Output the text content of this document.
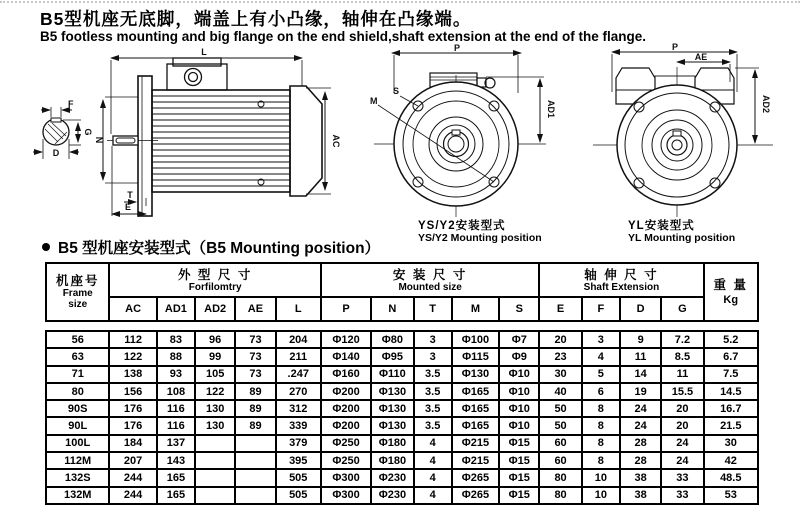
B5型机座无底脚，端盖上有小凸缘，轴伸在凸缘端。
B5 footless mounting and big flange on the end shield,shaft extension at the end of the flange.
L
AC
N
T
E
F
G
D
P
M
S
AD1
P
AE
AD2
YS/Y2安装型式
YS/Y2 Mounting position
YL安装型式
YL Mounting position
B5 型机座安装型式（B5 Mounting position）
机座号
Frame
size

外 型 尺 寸
Forfilomtry

安 装 尺 寸
Mounted size

轴 伸 尺 寸
Shaft Extension	重 量
Kg

	AC	AD1	AD2	AE	L	P	N	T	M	S	E	F	D	G	
56	112	83	96	73	204	Φ120	Φ80	3	Φ100	Φ7	20	3	9	7.2	5.2
63	122	88	99	73	211	Φ140	Φ95	3	Φ115	Φ9	23	4	11	8.5	6.7
71	138	93	105	73	.247	Φ160	Φ110	3.5	Φ130	Φ10	30	5	14	11	7.5
80	156	108	122	89	270	Φ200	Φ130	3.5	Φ165	Φ10	40	6	19	15.5	14.5
90S	176	116	130	89	312	Φ200	Φ130	3.5	Φ165	Φ10	50	8	24	20	16.7
90L	176	116	130	89	339	Φ200	Φ130	3.5	Φ165	Φ10	50	8	24	20	21.5
100L	184	137			379	Φ250	Φ180	4	Φ215	Φ15	60	8	28	24	30
112M	207	143			395	Φ250	Φ180	4	Φ215	Φ15	60	8	28	24	42
132S	244	165			505	Φ300	Φ230	4	Φ265	Φ15	80	10	38	33	48.5
132M	244	165			505	Φ300	Φ230	4	Φ265	Φ15	80	10	38	33	53
